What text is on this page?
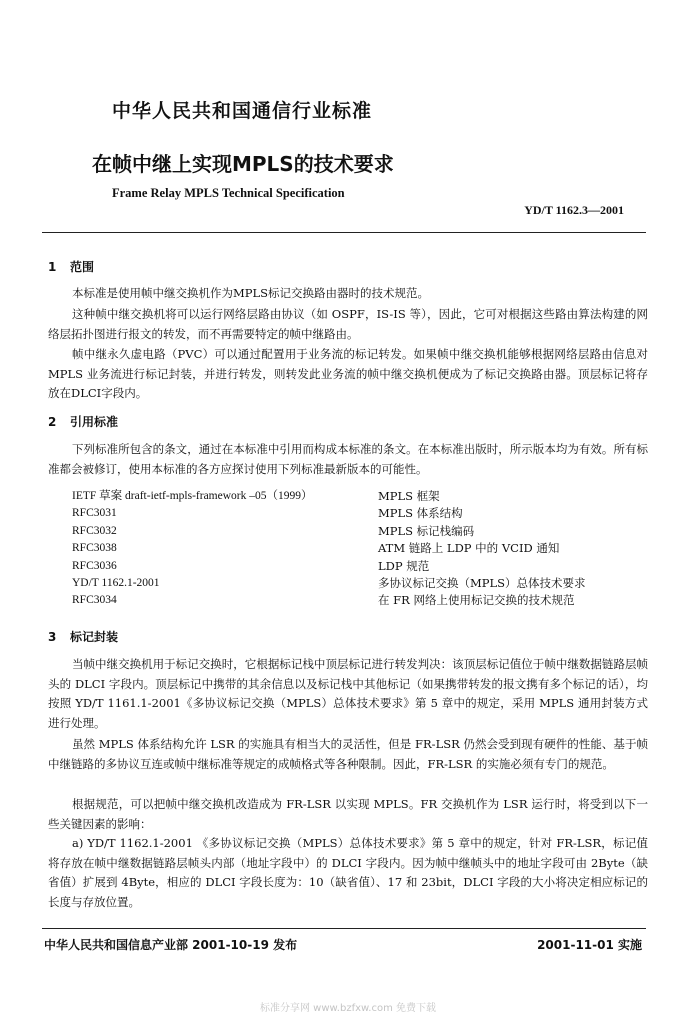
中华人民共和国通信行业标准
在帧中继上实现MPLS的技术要求
Frame Relay MPLS Technical Specification
YD/T 1162.3—2001
1 范围
本标准是使用帧中继交换机作为MPLS标记交换路由器时的技术规范。
这种帧中继交换机将可以运行网络层路由协议（如 OSPF，IS-IS 等），因此，它可对根据这些路由算法构建的网络层拓扑图进行报文的转发，而不再需要特定的帧中继路由。
帧中继永久虚电路（PVC）可以通过配置用于业务流的标记转发。如果帧中继交换机能够根据网络层路由信息对 MPLS 业务流进行标记封装，并进行转发，则转发此业务流的帧中继交换机便成为了标记交换路由器。顶层标记将存放在DLCI字段内。
2 引用标准
下列标准所包含的条文，通过在本标准中引用而构成本标准的条文。在本标准出版时，所示版本均为有效。所有标准都会被修订，使用本标准的各方应探讨使用下列标准最新版本的可能性。
IETF 草案 draft-ietf-mpls-framework –05（1999）	MPLS 框架
RFC3031	MPLS 体系结构
RFC3032	MPLS 标记栈编码
RFC3038	ATM 链路上 LDP 中的 VCID 通知
RFC3036	LDP 规范
YD/T 1162.1-2001	多协议标记交换（MPLS）总体技术要求
RFC3034	在 FR 网络上使用标记交换的技术规范
3 标记封装
当帧中继交换机用于标记交换时，它根据标记栈中顶层标记进行转发判决：该顶层标记值位于帧中继数据链路层帧头的 DLCI 字段内。顶层标记中携带的其余信息以及标记栈中其他标记（如果携带转发的报文携有多个标记的话），均按照 YD/T 1161.1-2001《多协议标记交换（MPLS）总体技术要求》第 5 章中的规定，采用 MPLS 通用封装方式进行处理。
虽然 MPLS 体系结构允许 LSR 的实施具有相当大的灵活性，但是 FR-LSR 仍然会受到现有硬件的性能、基于帧中继链路的多协议互连或帧中继标准等规定的成帧格式等各种限制。因此，FR-LSR 的实施必须有专门的规范。
根据规范，可以把帧中继交换机改造成为 FR-LSR 以实现 MPLS。FR 交换机作为 LSR 运行时，将受到以下一些关键因素的影响：
a) YD/T 1162.1-2001 《多协议标记交换（MPLS）总体技术要求》第 5 章中的规定，针对 FR-LSR，标记值将存放在帧中继数据链路层帧头内部（地址字段中）的 DLCI 字段内。因为帧中继帧头中的地址字段可由 2Byte（缺省值）扩展到 4Byte，相应的 DLCI 字段长度为：10（缺省值）、17 和 23bit，DLCI 字段的大小将决定相应标记的长度与存放位置。
中华人民共和国信息产业部 2001-10-19 发布	2001-11-01 实施
标准分享网 www.bzfxw.com 免费下载
